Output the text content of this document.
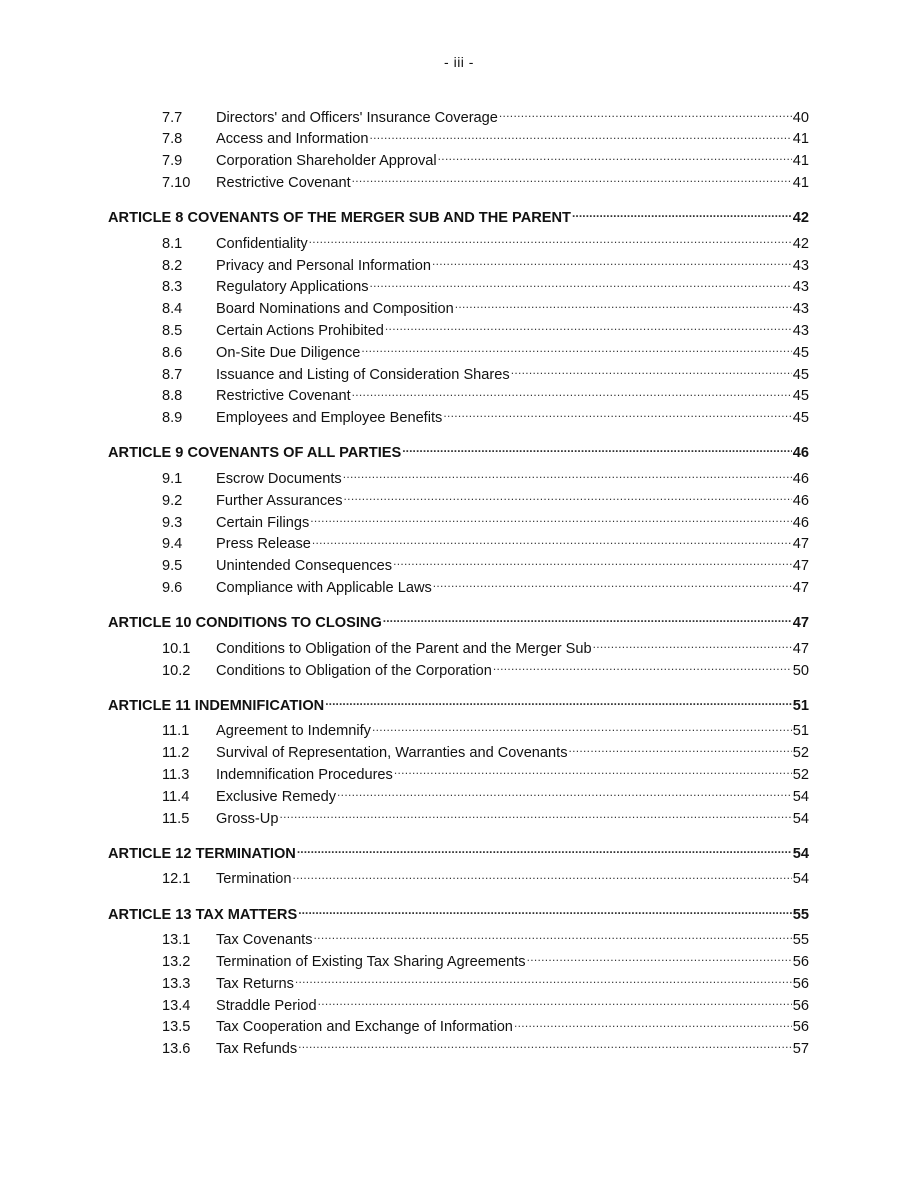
- iii -
7.7	Directors' and Officers' Insurance Coverage .....	40
7.8	Access and Information .....	41
7.9	Corporation Shareholder Approval .....	41
7.10	Restrictive Covenant .....	41
ARTICLE 8 COVENANTS OF THE MERGER SUB AND THE PARENT .....	42
8.1	Confidentiality .....	42
8.2	Privacy and Personal Information .....	43
8.3	Regulatory Applications .....	43
8.4	Board Nominations and Composition .....	43
8.5	Certain Actions Prohibited .....	43
8.6	On-Site Due Diligence .....	45
8.7	Issuance and Listing of Consideration Shares .....	45
8.8	Restrictive Covenant .....	45
8.9	Employees and Employee Benefits .....	45
ARTICLE 9 COVENANTS OF ALL PARTIES .....	46
9.1	Escrow Documents .....	46
9.2	Further Assurances .....	46
9.3	Certain Filings .....	46
9.4	Press Release .....	47
9.5	Unintended Consequences .....	47
9.6	Compliance with Applicable Laws .....	47
ARTICLE 10 CONDITIONS TO CLOSING .....	47
10.1	Conditions to Obligation of the Parent and the Merger Sub .....	47
10.2	Conditions to Obligation of the Corporation .....	50
ARTICLE 11 INDEMNIFICATION .....	51
11.1	Agreement to Indemnify .....	51
11.2	Survival of Representation, Warranties and Covenants .....	52
11.3	Indemnification Procedures .....	52
11.4	Exclusive Remedy .....	54
11.5	Gross-Up .....	54
ARTICLE 12 TERMINATION .....	54
12.1	Termination .....	54
ARTICLE 13 TAX MATTERS .....	55
13.1	Tax Covenants .....	55
13.2	Termination of Existing Tax Sharing Agreements .....	56
13.3	Tax Returns .....	56
13.4	Straddle Period .....	56
13.5	Tax Cooperation and Exchange of Information .....	56
13.6	Tax Refunds .....	57
